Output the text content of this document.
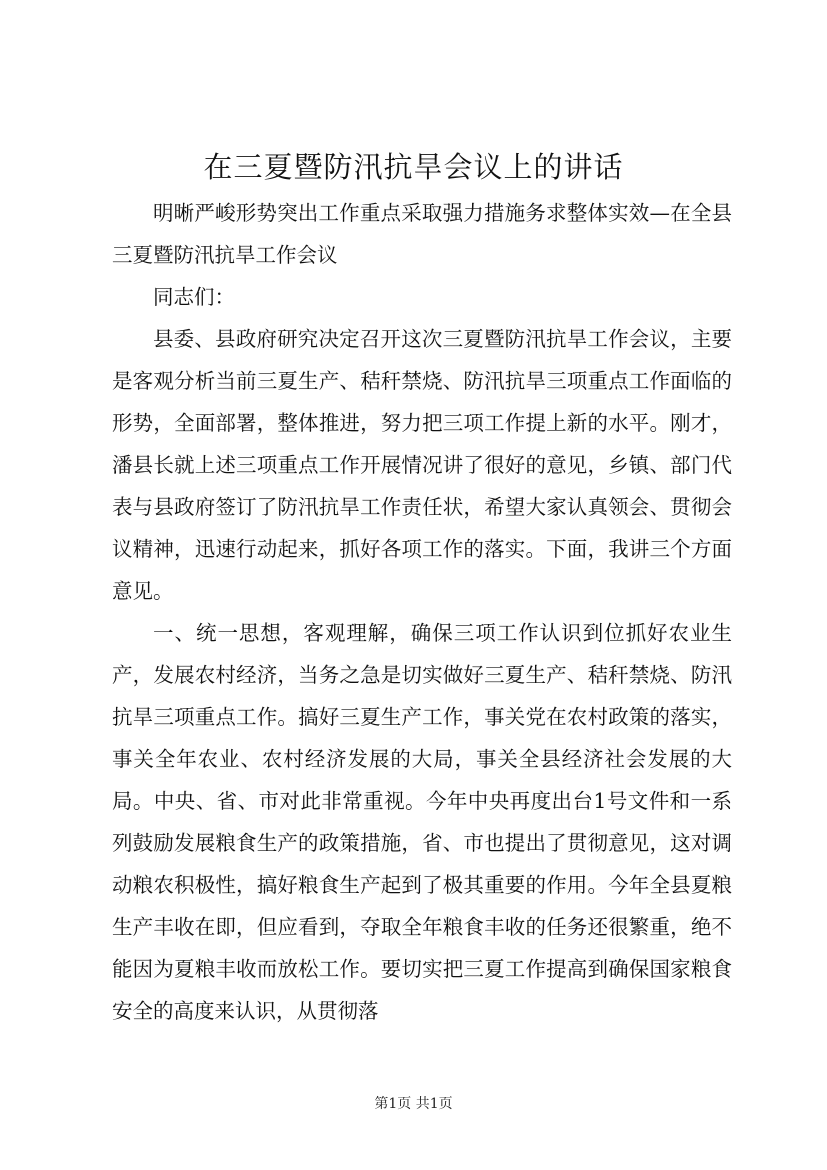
在三夏暨防汛抗旱会议上的讲话

明晰严峻形势突出工作重点采取强力措施务求整体实效—在全县三夏暨防汛抗旱工作会议

同志们：

县委、县政府研究决定召开这次三夏暨防汛抗旱工作会议，主要是客观分析当前三夏生产、秸秆禁烧、防汛抗旱三项重点工作面临的形势，全面部署，整体推进，努力把三项工作提上新的水平。刚才，潘县长就上述三项重点工作开展情况讲了很好的意见，乡镇、部门代表与县政府签订了防汛抗旱工作责任状，希望大家认真领会、贯彻会议精神，迅速行动起来，抓好各项工作的落实。下面，我讲三个方面意见。

一、统一思想，客观理解，确保三项工作认识到位抓好农业生产，发展农村经济，当务之急是切实做好三夏生产、秸秆禁烧、防汛抗旱三项重点工作。搞好三夏生产工作，事关党在农村政策的落实，事关全年农业、农村经济发展的大局，事关全县经济社会发展的大局。中央、省、市对此非常重视。今年中央再度出台1号文件和一系列鼓励发展粮食生产的政策措施，省、市也提出了贯彻意见，这对调动粮农积极性，搞好粮食生产起到了极其重要的作用。今年全县夏粮生产丰收在即，但应看到，夺取全年粮食丰收的任务还很繁重，绝不能因为夏粮丰收而放松工作。要切实把三夏工作提高到确保国家粮食安全的高度来认识，从贯彻落

第1页 共1页
